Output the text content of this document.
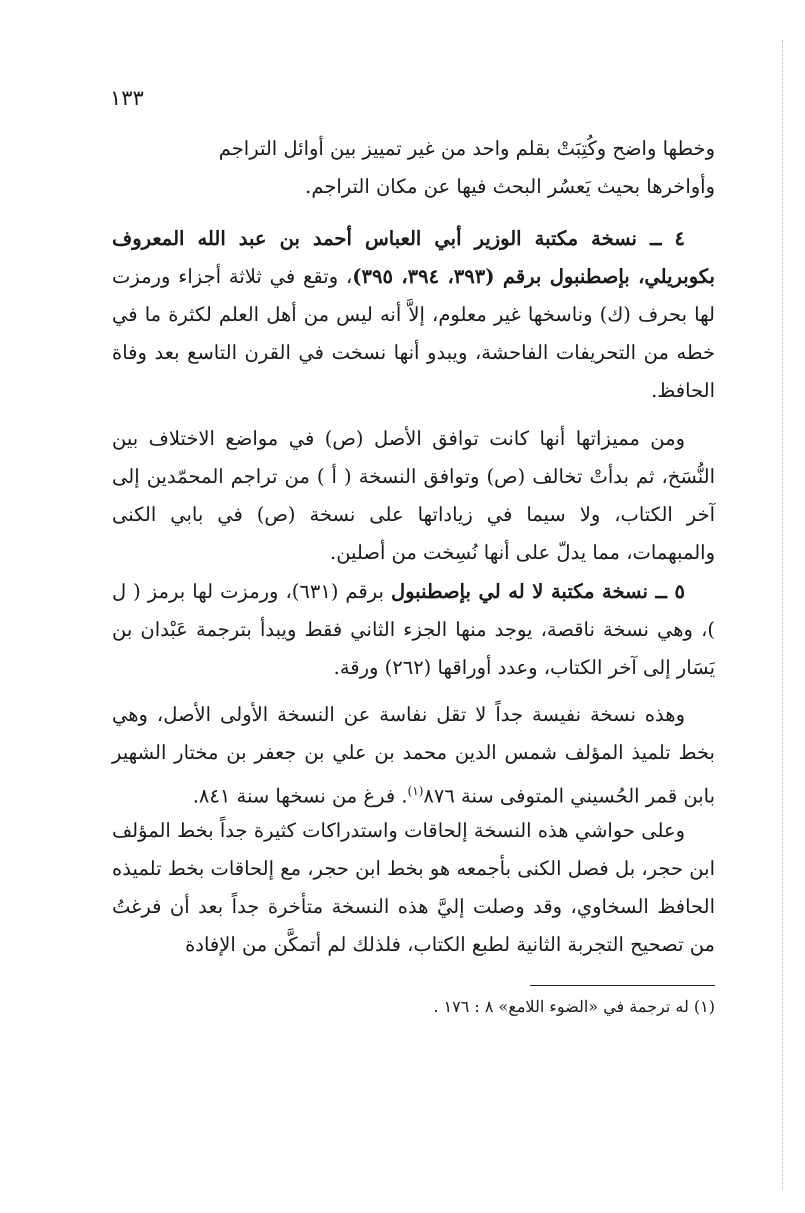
١٣٣

وخطها واضح وكُتِبَتْ بقلم واحد من غير تمييز بين أوائل التراجم

وأواخرها بحيث يَعسُر البحث فيها عن مكان التراجم.

٤ ــ نسخة مكتبة الوزير أبي العباس أحمد بن عبد الله المعروف بكوبريلي، بإصطنبول برقم (٣٩٣، ٣٩٤، ٣٩٥)، وتقع في ثلاثة أجزاء ورمزت لها بحرف (ك) وناسخها غير معلوم، إلاَّ أنه ليس من أهل العلم لكثرة ما في خطه من التحريفات الفاحشة، ويبدو أنها نسخت في القرن التاسع بعد وفاة الحافظ.

ومن مميزاتها أنها كانت توافق الأصل (ص) في مواضع الاختلاف بين النُّسَخ، ثم بدأتْ تخالف (ص) وتوافق النسخة ( أ ) من تراجم المحمّدين إلى آخر الكتاب، ولا سيما في زياداتها على نسخة (ص) في بابي الكنى والمبهمات، مما يدلّ على أنها نُسِخت من أصلين.

٥ ــ نسخة مكتبة لا له لي بإصطنبول برقم (٦٣١)، ورمزت لها برمز ( ل )، وهي نسخة ناقصة، يوجد منها الجزء الثاني فقط ويبدأ بترجمة عَبْدان بن يَسَار إلى آخر الكتاب، وعدد أوراقها (٢٦٢) ورقة.

وهذه نسخة نفيسة جداً لا تقل نفاسة عن النسخة الأولى الأصل، وهي بخط تلميذ المؤلف شمس الدين محمد بن علي بن جعفر بن مختار الشهير بابن قمر الحُسيني المتوفى سنة ٨٧٦$^{(١)}$. فرغ من نسخها سنة ٨٤١.

وعلى حواشي هذه النسخة إلحاقات واستدراكات كثيرة جداً بخط المؤلف ابن حجر، بل فصل الكنى بأجمعه هو بخط ابن حجر، مع إلحاقات بخط تلميذه الحافظ السخاوي، وقد وصلت إليَّ هذه النسخة متأخرة جداً بعد أن فرغتُ من تصحيح التجربة الثانية لطبع الكتاب، فلذلك لم أتمكَّن من الإفادة

(١) له ترجمة في «الضوء اللامع» ٨ : ١٧٦ .
